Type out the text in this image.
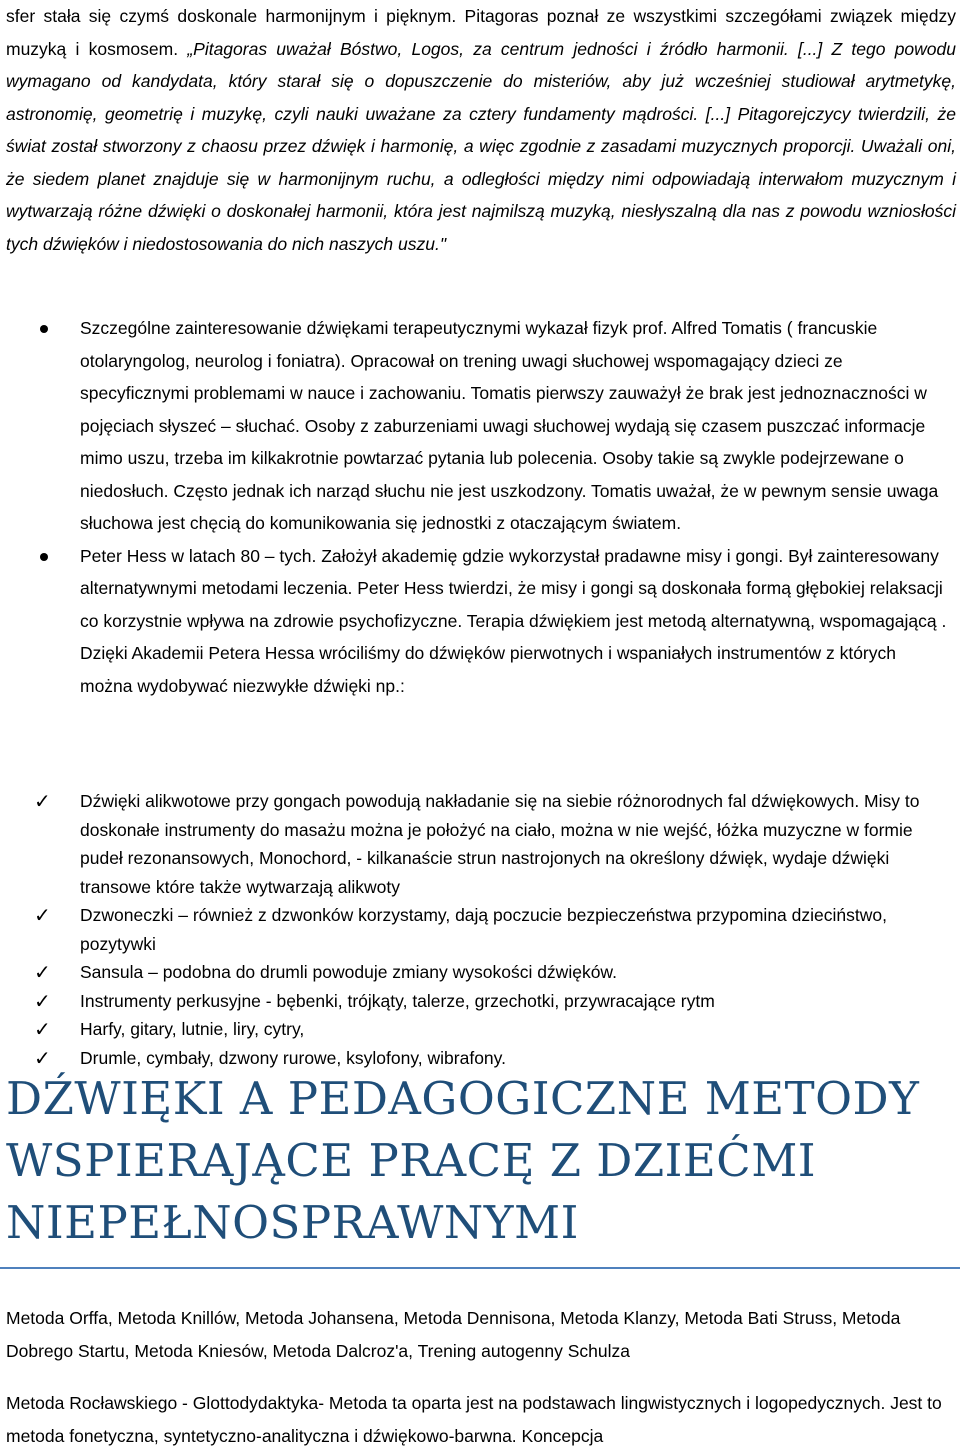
sfer stała się czymś doskonale harmonijnym i pięknym. Pitagoras poznał ze wszystkimi szczegółami związek między muzyką i kosmosem. „Pitagoras uważał Bóstwo, Logos, za centrum jedności i źródło harmonii. [...] Z tego powodu wymagano od kandydata, który starał się o dopuszczenie do misteriów, aby już wcześniej studiował arytmetykę, astronomię, geometrię i muzykę, czyli nauki uważane za cztery fundamenty mądrości. [...] Pitagorejczycy twierdzili, że świat został stworzony z chaosu przez dźwięk i harmonię, a więc zgodnie z zasadami muzycznych proporcji. Uważali oni, że siedem planet znajduje się w harmonijnym ruchu, a odległości między nimi odpowiadają interwałom muzycznym i wytwarzają różne dźwięki o doskonałej harmonii, która jest najmilszą muzyką, niesłyszalną dla nas z powodu wzniosłości tych dźwięków i niedostosowania do nich naszych uszu."

Szczególne zainteresowanie dźwiękami terapeutycznymi wykazał fizyk prof. Alfred Tomatis ( francuskie otolaryngolog, neurolog i foniatra). Opracował on trening uwagi słuchowej wspomagający dzieci ze specyficznymi problemami w nauce i zachowaniu. Tomatis pierwszy zauważył że brak jest jednoznaczności w pojęciach słyszeć – słuchać. Osoby z zaburzeniami uwagi słuchowej wydają się czasem puszczać informacje mimo uszu, trzeba im kilkakrotnie powtarzać pytania lub polecenia. Osoby takie są zwykle podejrzewane o niedosłuch. Często jednak ich narząd słuchu nie jest uszkodzony. Tomatis uważał, że w pewnym sensie uwaga słuchowa jest chęcią do komunikowania się jednostki z otaczającym światem.

Peter Hess w latach 80 – tych. Założył akademię gdzie wykorzystał pradawne misy i gongi. Był zainteresowany alternatywnymi metodami leczenia. Peter Hess twierdzi, że misy i gongi są doskonała formą głębokiej relaksacji co korzystnie wpływa na zdrowie psychofizyczne. Terapia dźwiękiem jest metodą alternatywną, wspomagającą . Dzięki Akademii Petera Hessa wróciliśmy do dźwięków pierwotnych i wspaniałych instrumentów z których można wydobywać niezwykłe dźwięki np.:

✓ Dźwięki alikwotowe przy gongach powodują nakładanie się na siebie różnorodnych fal dźwiękowych. Misy to doskonałe instrumenty do masażu można je położyć na ciało, można w nie wejść, łóżka muzyczne w formie pudeł rezonansowych, Monochord, - kilkanaście strun nastrojonych na określony dźwięk, wydaje dźwięki transowe które także wytwarzają alikwoty

✓ Dzwoneczki – również z dzwonków korzystamy, dają poczucie bezpieczeństwa przypomina dzieciństwo, pozytywki

✓ Sansula – podobna do drumli powoduje zmiany wysokości dźwięków.

✓ Instrumenty perkusyjne - bębenki, trójkąty, talerze, grzechotki, przywracające rytm

✓ Harfy, gitary, lutnie, liry, cytry,

✓ Drumle, cymbały, dzwony rurowe, ksylofony, wibrafony.

DŹWIĘKI A PEDAGOGICZNE METODY WSPIERAJĄCE PRACĘ Z DZIEĆMI NIEPEŁNOSPRAWNYMI

Metoda Orffa, Metoda Knillów, Metoda Johansena, Metoda Dennisona, Metoda Klanzy, Metoda Bati Struss, Metoda Dobrego Startu, Metoda Kniesów, Metoda Dalcroz'a, Trening autogenny Schulza

Metoda Rocławskiego - Glottodydaktyka- Metoda ta oparta jest na podstawach lingwistycznych i logopedycznych. Jest to metoda fonetyczna, syntetyczno-analityczna i dźwiękowo-barwna. Koncepcja
